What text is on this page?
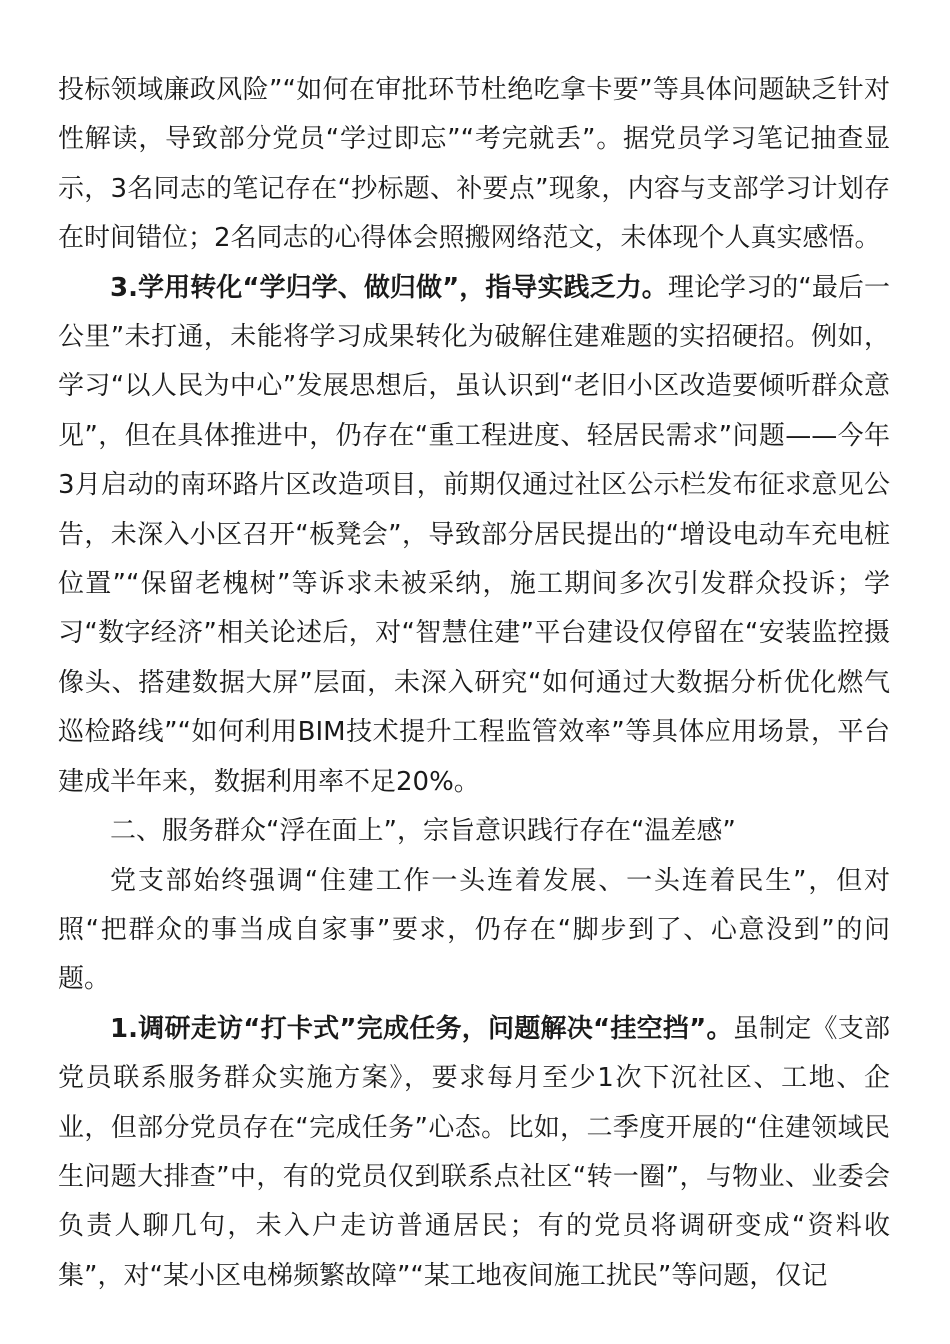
投标领域廉政风险”“如何在审批环节杜绝吃拿卡要”等具体问题缺乏针对性解读，导致部分党员“学过即忘”“考完就丢”。据党员学习笔记抽查显示，3名同志的笔记存在“抄标题、补要点”现象，内容与支部学习计划存在时间错位；2名同志的心得体会照搬网络范文，未体现个人真实感悟。

3.学用转化“学归学、做归做”，指导实践乏力。理论学习的“最后一公里”未打通，未能将学习成果转化为破解住建难题的实招硬招。例如，学习“以人民为中心”发展思想后，虽认识到“老旧小区改造要倾听群众意见”，但在具体推进中，仍存在“重工程进度、轻居民需求”问题——今年3月启动的南环路片区改造项目，前期仅通过社区公示栏发布征求意见公告，未深入小区召开“板凳会”，导致部分居民提出的“增设电动车充电桩位置”“保留老槐树”等诉求未被采纳，施工期间多次引发群众投诉；学习“数字经济”相关论述后，对“智慧住建”平台建设仅停留在“安装监控摄像头、搭建数据大屏”层面，未深入研究“如何通过大数据分析优化燃气巡检路线”“如何利用BIM技术提升工程监管效率”等具体应用场景，平台建成半年来，数据利用率不足20%。

二、服务群众“浮在面上”，宗旨意识践行存在“温差感”

党支部始终强调“住建工作一头连着发展、一头连着民生”，但对照“把群众的事当成自家事”要求，仍存在“脚步到了、心意没到”的问题。

1.调研走访“打卡式”完成任务，问题解决“挂空挡”。虽制定《支部党员联系服务群众实施方案》，要求每月至少1次下沉社区、工地、企业，但部分党员存在“完成任务”心态。比如，二季度开展的“住建领域民生问题大排查”中，有的党员仅到联系点社区“转一圈”，与物业、业委会负责人聊几句，未入户走访普通居民；有的党员将调研变成“资料收集”，对“某小区电梯频繁故障”“某工地夜间施工扰民”等问题，仅记
